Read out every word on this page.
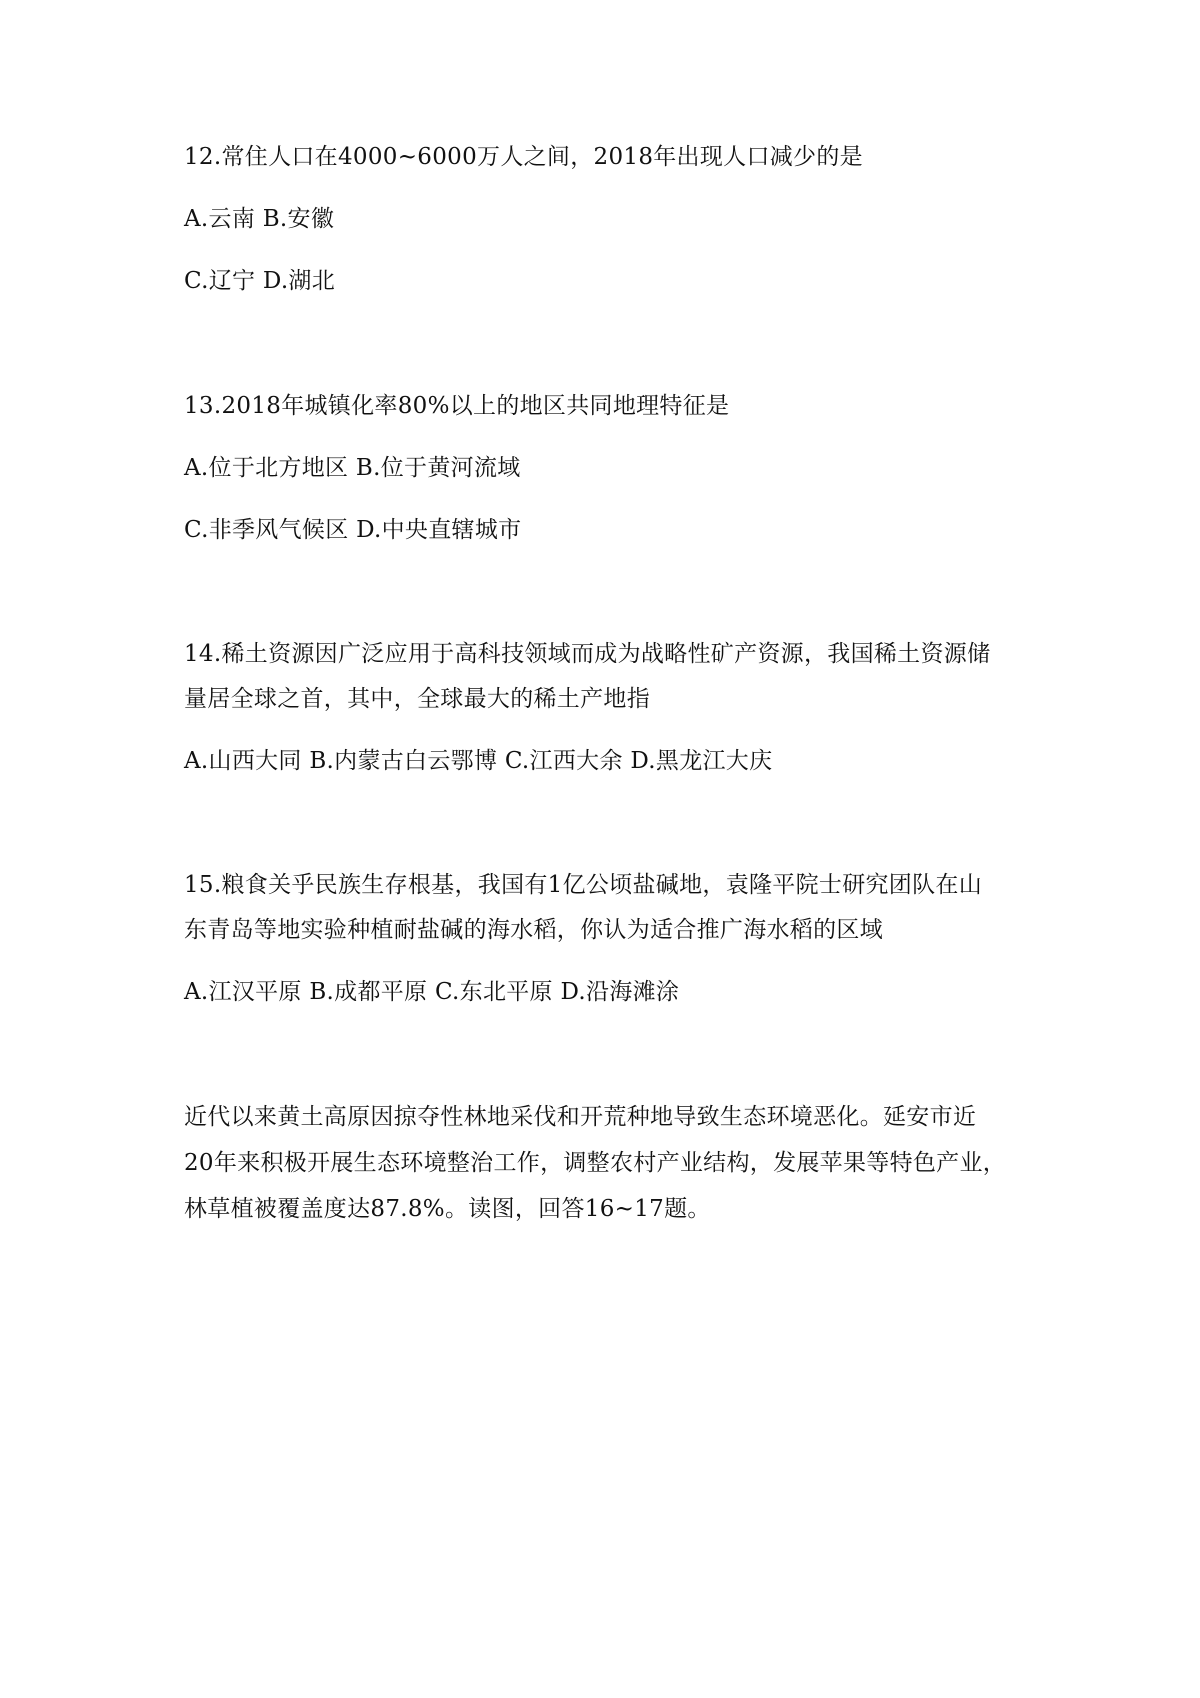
12.常住人口在4000~6000万人之间，2018年出现人口减少的是

A.云南 B.安徽

C.辽宁 D.湖北

13.2018年城镇化率80%以上的地区共同地理特征是

A.位于北方地区 B.位于黄河流域

C.非季风气候区 D.中央直辖城市

14.稀土资源因广泛应用于高科技领域而成为战略性矿产资源，我国稀土资源储

量居全球之首，其中，全球最大的稀土产地指

A.山西大同 B.内蒙古白云鄂博 C.江西大余 D.黑龙江大庆

15.粮食关乎民族生存根基，我国有1亿公顷盐碱地，袁隆平院士研究团队在山

东青岛等地实验种植耐盐碱的海水稻，你认为适合推广海水稻的区域

A.江汉平原 B.成都平原 C.东北平原 D.沿海滩涂

近代以来黄土高原因掠夺性林地采伐和开荒种地导致生态环境恶化。延安市近

20年来积极开展生态环境整治工作，调整农村产业结构，发展苹果等特色产业，

林草植被覆盖度达87.8%。读图，回答16~17题。
